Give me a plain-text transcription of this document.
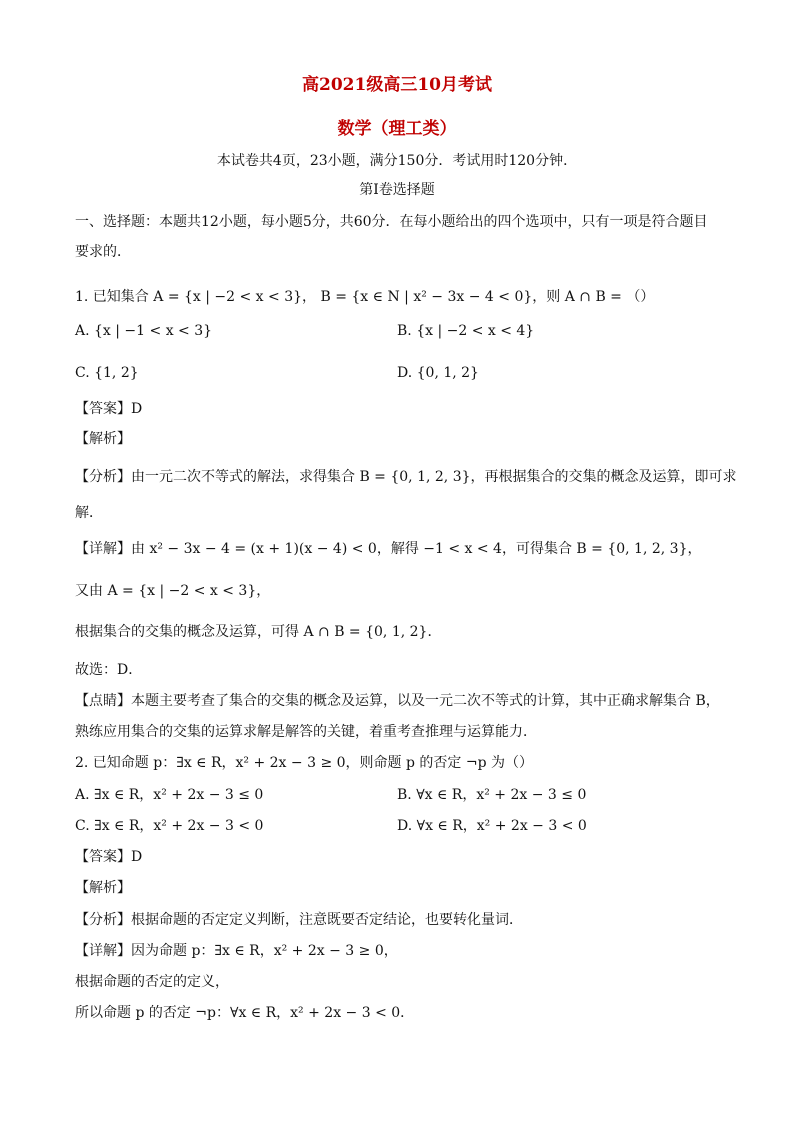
高2021级高三10月考试
数学（理工类）
本试卷共4页，23小题，满分150分．考试用时120分钟．
第Ⅰ卷选择题
一、选择题：本题共12小题，每小题5分，共60分．在每小题给出的四个选项中，只有一项是符合题目
要求的．
1. 已知集合 A = {x | −2 < x < 3}， B = {x ∈ N | x² − 3x − 4 < 0}，则 A ∩ B = （）
A. {x | −1 < x < 3}	B. {x | −2 < x < 4}
C. {1, 2}	D. {0, 1, 2}
【答案】D
【解析】
【分析】由一元二次不等式的解法，求得集合 B = {0, 1, 2, 3}，再根据集合的交集的概念及运算，即可求
解．
【详解】由 x² − 3x − 4 = (x + 1)(x − 4) < 0，解得 −1 < x < 4，可得集合 B = {0, 1, 2, 3}，
又由 A = {x | −2 < x < 3}，
根据集合的交集的概念及运算，可得 A ∩ B = {0, 1, 2}．
故选：D．
【点睛】本题主要考查了集合的交集的概念及运算，以及一元二次不等式的计算，其中正确求解集合 B，
熟练应用集合的交集的运算求解是解答的关键，着重考查推理与运算能力．
2. 已知命题 p：∃x ∈ R，x² + 2x − 3 ≥ 0，则命题 p 的否定 ¬p 为（）
A. ∃x ∈ R，x² + 2x − 3 ≤ 0	B. ∀x ∈ R，x² + 2x − 3 ≤ 0
C. ∃x ∈ R，x² + 2x − 3 < 0	D. ∀x ∈ R，x² + 2x − 3 < 0
【答案】D
【解析】
【分析】根据命题的否定定义判断，注意既要否定结论，也要转化量词．
【详解】因为命题 p：∃x ∈ R，x² + 2x − 3 ≥ 0，
根据命题的否定的定义，
所以命题 p 的否定 ¬p：∀x ∈ R，x² + 2x − 3 < 0．
